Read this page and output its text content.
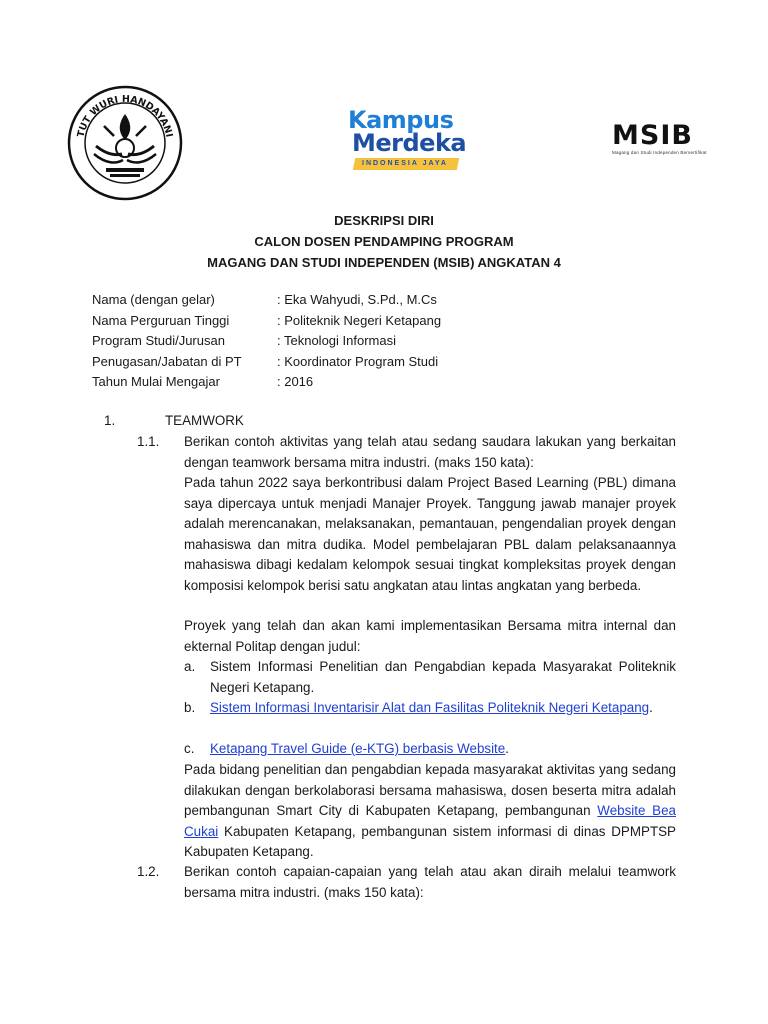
TUT WURI HANDAYANI
Kampus
Merdeka
INDONESIA JAYA
MSIB
Magang dan Studi Independen Bersertifikat
DESKRIPSI DIRI
CALON DOSEN PENDAMPING PROGRAM
MAGANG DAN STUDI INDEPENDEN (MSIB) ANGKATAN 4
Nama (dengan gelar)	: Eka Wahyudi, S.Pd., M.Cs
Nama Perguruan Tinggi	: Politeknik Negeri Ketapang
Program Studi/Jurusan	: Teknologi Informasi
Penugasan/Jabatan di PT	: Koordinator Program Studi
Tahun Mulai Mengajar	: 2016
1.	TEAMWORK
1.1. Berikan contoh aktivitas yang telah atau sedang saudara lakukan yang berkaitan dengan teamwork bersama mitra industri. (maks 150 kata):
Pada tahun 2022 saya berkontribusi dalam Project Based Learning (PBL) dimana saya dipercaya untuk menjadi Manajer Proyek. Tanggung jawab manajer proyek adalah merencanakan, melaksanakan, pemantauan, pengendalian proyek dengan mahasiswa dan mitra dudika. Model pembelajaran PBL dalam pelaksanaannya mahasiswa dibagi kedalam kelompok sesuai tingkat kompleksitas proyek dengan komposisi kelompok berisi satu angkatan atau lintas angkatan yang berbeda.
Proyek yang telah dan akan kami implementasikan Bersama mitra internal dan ekternal Politap dengan judul:
a. Sistem Informasi Penelitian dan Pengabdian kepada Masyarakat Politeknik Negeri Ketapang.
b. Sistem Informasi Inventarisir Alat dan Fasilitas Politeknik Negeri Ketapang.
c. Ketapang Travel Guide (e-KTG) berbasis Website.
Pada bidang penelitian dan pengabdian kepada masyarakat aktivitas yang sedang dilakukan dengan berkolaborasi bersama mahasiswa, dosen beserta mitra adalah pembangunan Smart City di Kabupaten Ketapang, pembangunan Website Bea Cukai Kabupaten Ketapang, pembangunan sistem informasi di dinas DPMPTSP Kabupaten Ketapang.
1.2. Berikan contoh capaian-capaian yang telah atau akan diraih melalui teamwork bersama mitra industri. (maks 150 kata):
